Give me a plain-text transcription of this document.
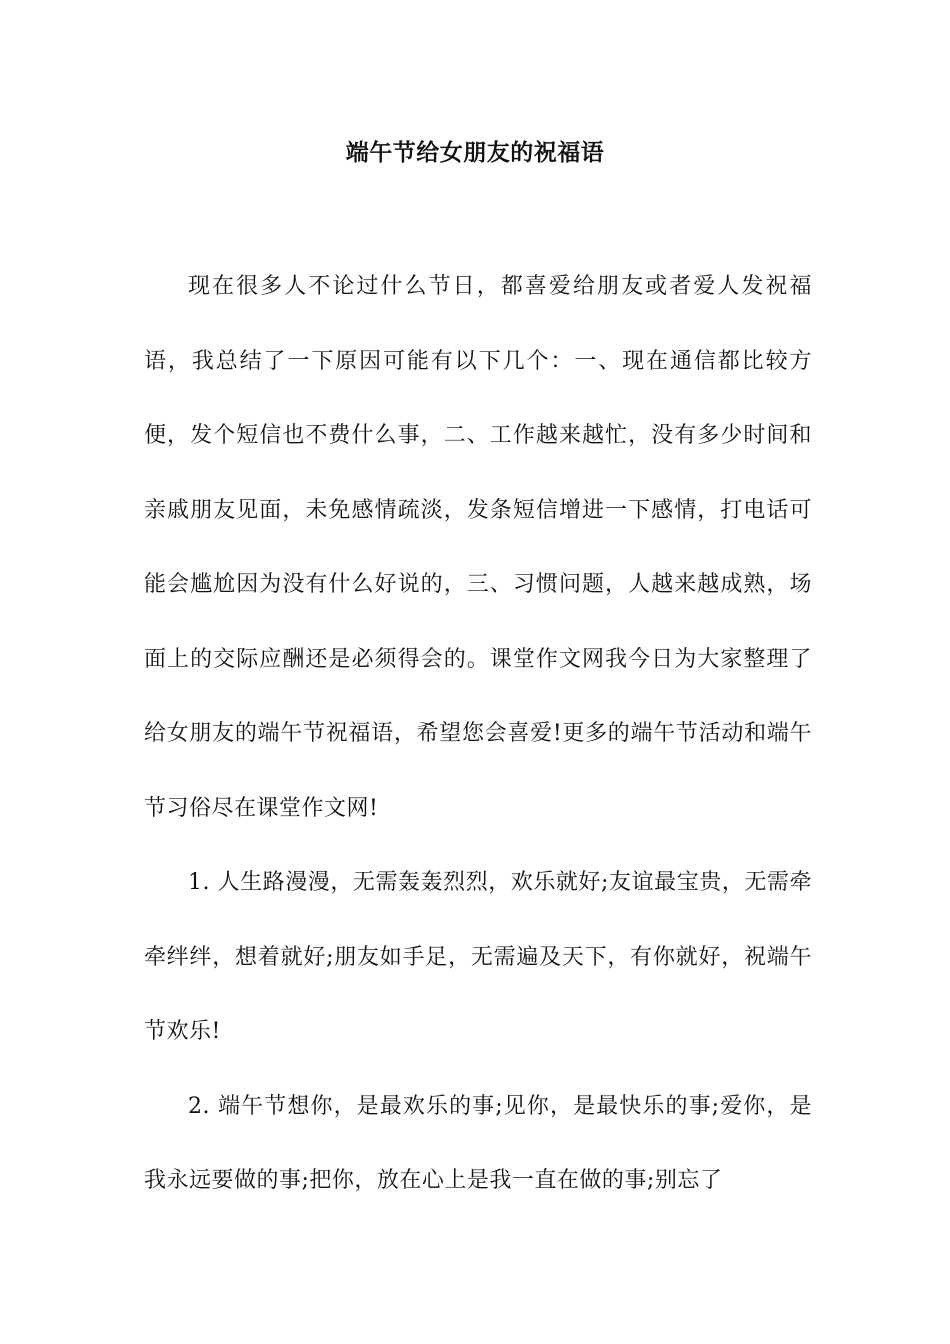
端午节给女朋友的祝福语

现在很多人不论过什么节日，都喜爱给朋友或者爱人发祝福语，我总结了一下原因可能有以下几个：一、现在通信都比较方便，发个短信也不费什么事，二、工作越来越忙，没有多少时间和亲戚朋友见面，未免感情疏淡，发条短信增进一下感情，打电话可能会尴尬因为没有什么好说的，三、习惯问题，人越来越成熟，场面上的交际应酬还是必须得会的。课堂作文网我今日为大家整理了给女朋友的端午节祝福语，希望您会喜爱!更多的端午节活动和端午节习俗尽在课堂作文网!

1. 人生路漫漫，无需轰轰烈烈，欢乐就好;友谊最宝贵，无需牵牵绊绊，想着就好;朋友如手足，无需遍及天下，有你就好，祝端午节欢乐!

2. 端午节想你，是最欢乐的事;见你，是最快乐的事;爱你，是我永远要做的事;把你，放在心上是我一直在做的事;别忘了
